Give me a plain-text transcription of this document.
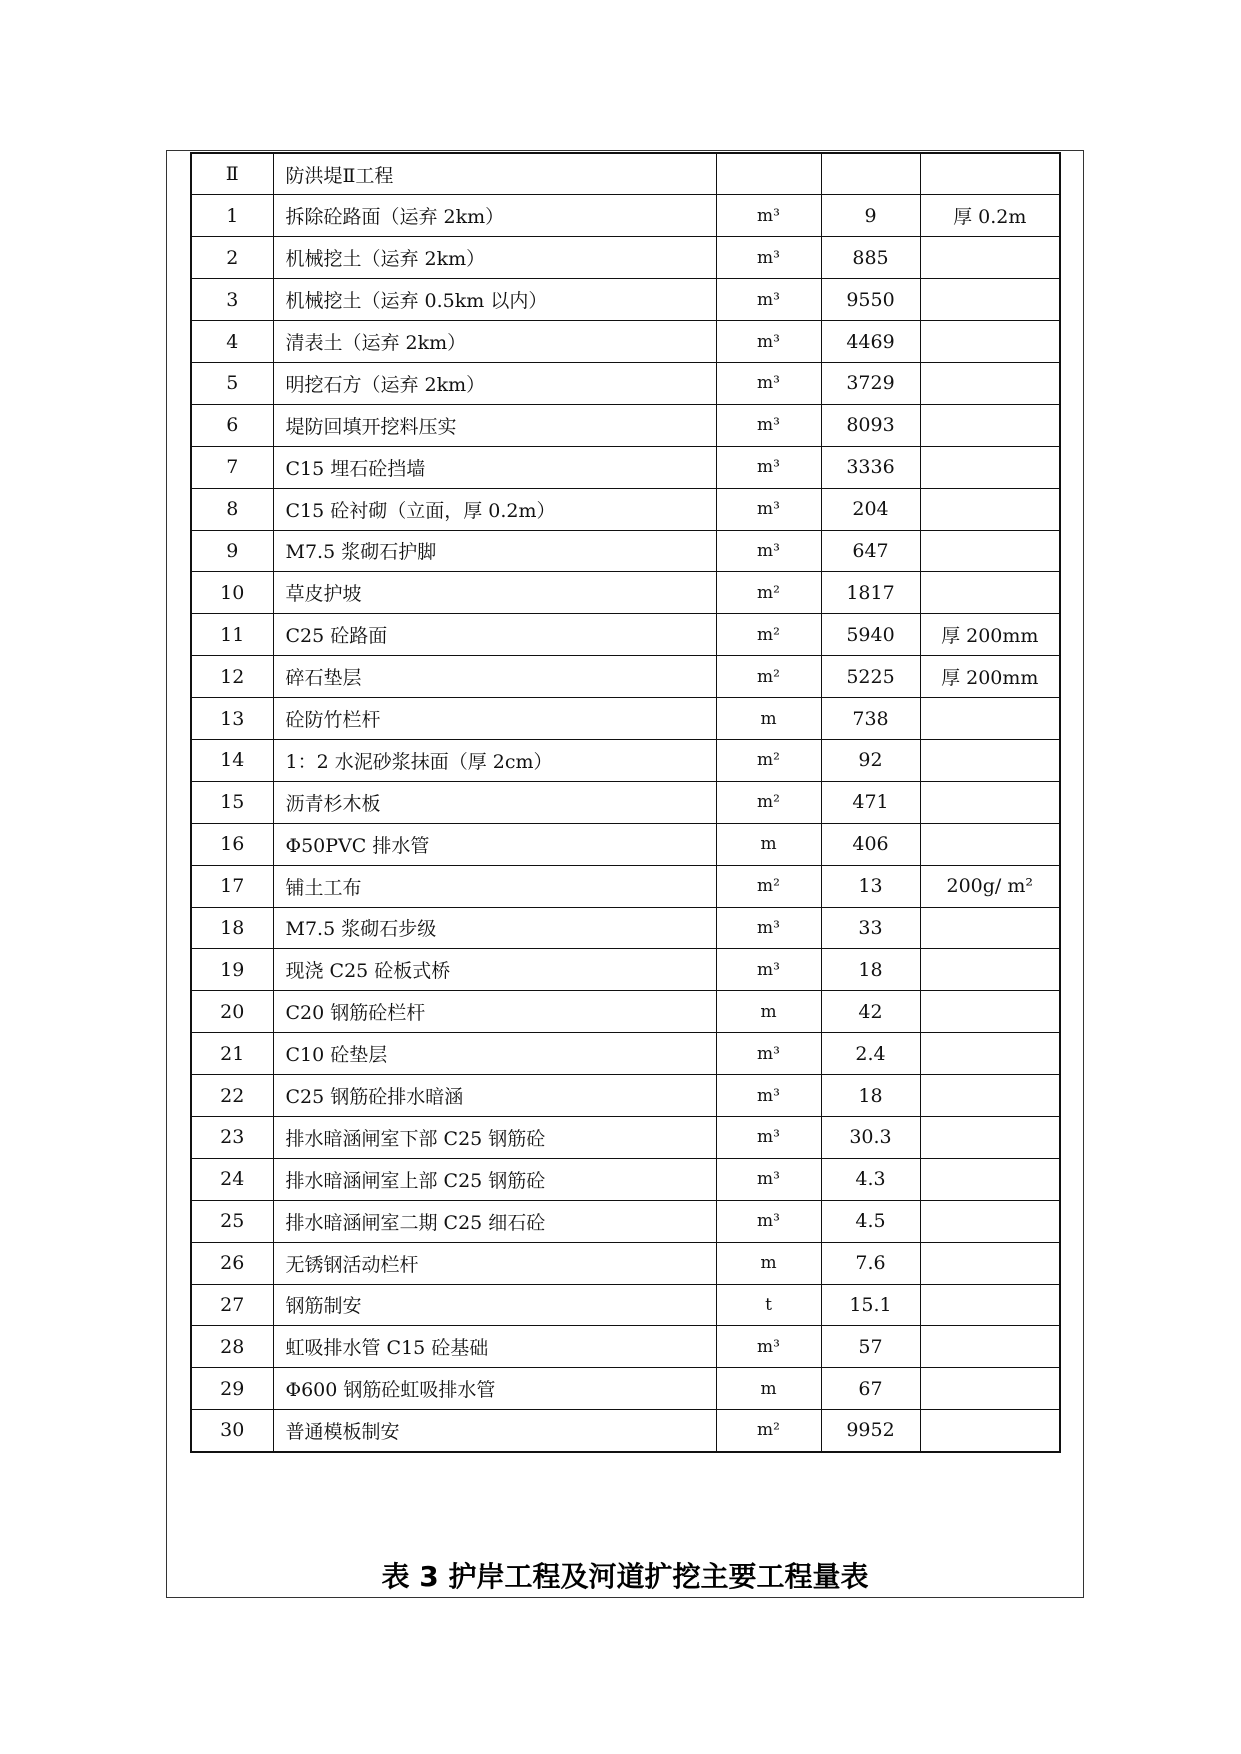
Ⅱ	防洪堤Ⅱ工程			
1	拆除砼路面（运弃 2km）	m³	9	厚 0.2m
2	机械挖土（运弃 2km）	m³	885	
3	机械挖土（运弃 0.5km 以内）	m³	9550	
4	清表土（运弃 2km）	m³	4469	
5	明挖石方（运弃 2km）	m³	3729	
6	堤防回填开挖料压实	m³	8093	
7	C15 埋石砼挡墙	m³	3336	
8	C15 砼衬砌（立面，厚 0.2m）	m³	204	
9	M7.5 浆砌石护脚	m³	647	
10	草皮护坡	m²	1817	
11	C25 砼路面	m²	5940	厚 200mm
12	碎石垫层	m²	5225	厚 200mm
13	砼防竹栏杆	m	738	
14	1：2 水泥砂浆抹面（厚 2cm）	m²	92	
15	沥青杉木板	m²	471	
16	Φ50PVC 排水管	m	406	
17	铺土工布	m²	13	200g/ m²
18	M7.5 浆砌石步级	m³	33	
19	现浇 C25 砼板式桥	m³	18	
20	C20 钢筋砼栏杆	m	42	
21	C10 砼垫层	m³	2.4	
22	C25 钢筋砼排水暗涵	m³	18	
23	排水暗涵闸室下部 C25 钢筋砼	m³	30.3	
24	排水暗涵闸室上部 C25 钢筋砼	m³	4.3	
25	排水暗涵闸室二期 C25 细石砼	m³	4.5	
26	无锈钢活动栏杆	m	7.6	
27	钢筋制安	t	15.1	
28	虹吸排水管 C15 砼基础	m³	57	
29	Φ600 钢筋砼虹吸排水管	m	67	
30	普通模板制安	m²	9952	
表 3 护岸工程及河道扩挖主要工程量表
